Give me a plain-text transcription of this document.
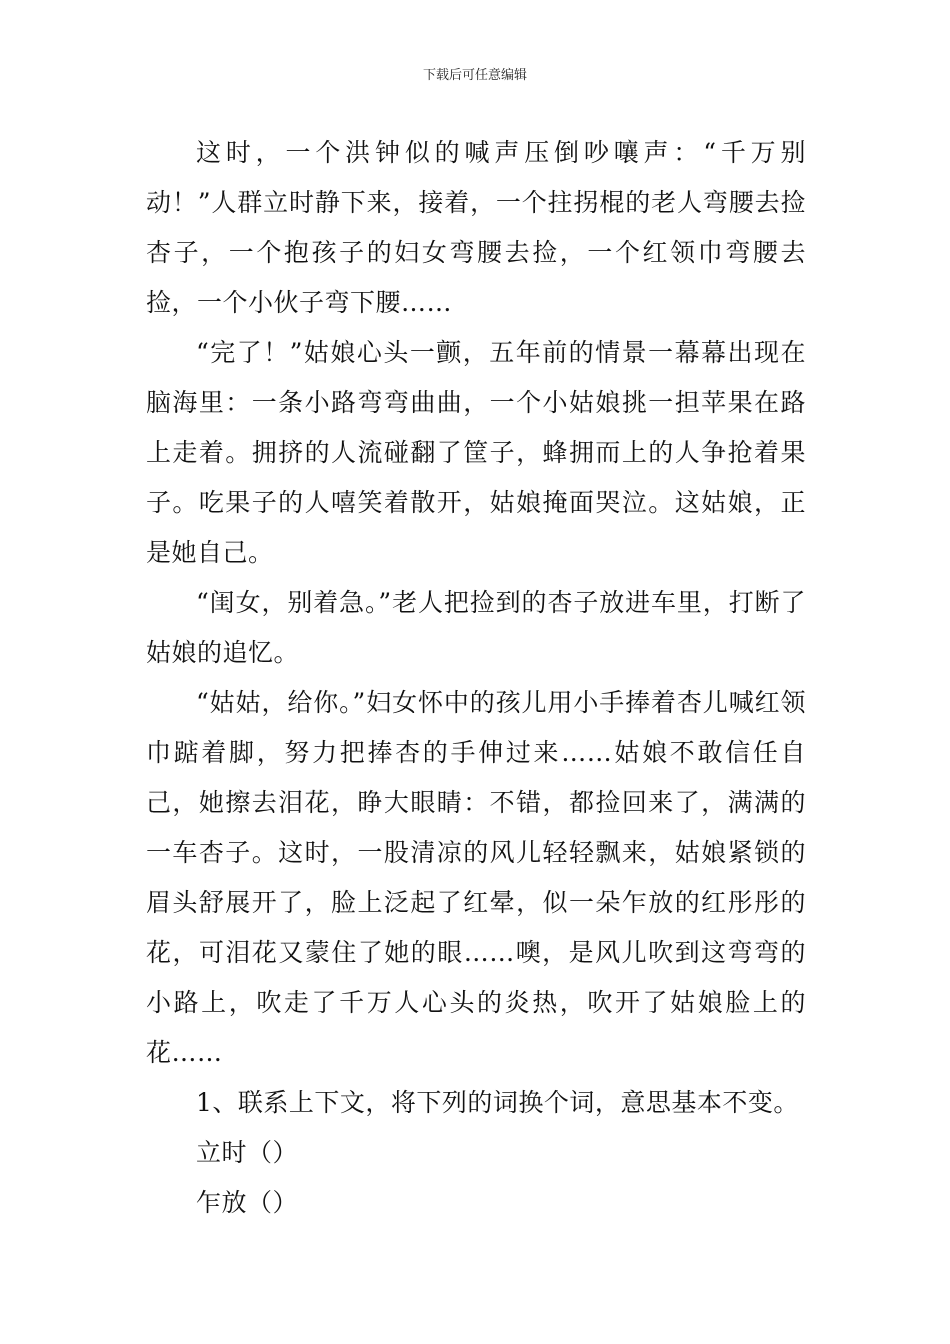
下载后可任意编辑

这时，一个洪钟似的喊声压倒吵嚷声：“千万别动！”人群立时静下来，接着，一个拄拐棍的老人弯腰去捡杏子，一个抱孩子的妇女弯腰去捡，一个红领巾弯腰去捡，一个小伙子弯下腰……

“完了！”姑娘心头一颤，五年前的情景一幕幕出现在脑海里：一条小路弯弯曲曲，一个小姑娘挑一担苹果在路上走着。拥挤的人流碰翻了筐子，蜂拥而上的人争抢着果子。吃果子的人嘻笑着散开，姑娘掩面哭泣。这姑娘，正是她自己。

“闺女，别着急。”老人把捡到的杏子放进车里，打断了姑娘的追忆。

“姑姑，给你。”妇女怀中的孩儿用小手捧着杏儿喊红领巾踮着脚，努力把捧杏的手伸过来……姑娘不敢信任自己，她擦去泪花，睁大眼睛：不错，都捡回来了，满满的一车杏子。这时，一股清凉的风儿轻轻飘来，姑娘紧锁的眉头舒展开了，脸上泛起了红晕，似一朵乍放的红彤彤的花，可泪花又蒙住了她的眼……噢，是风儿吹到这弯弯的小路上，吹走了千万人心头的炎热，吹开了姑娘脸上的花……

1、联系上下文，将下列的词换个词，意思基本不变。

立时（）

乍放（）
